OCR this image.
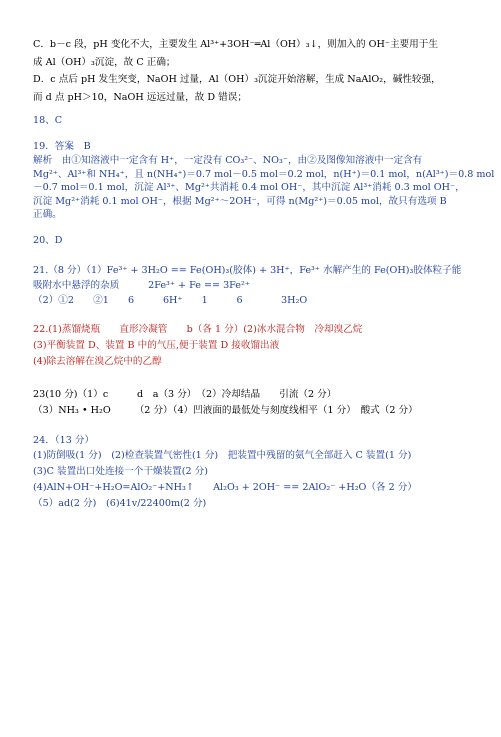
C．b－c 段，pH 变化不大，主要发生 Al³⁺+3OH⁻═Al（OH）₃↓，则加入的 OH⁻主要用于生
成 Al（OH）₃沉淀，故 C 正确；
D．c 点后 pH 发生突变，NaOH 过量，Al（OH）₃沉淀开始溶解，生成 NaAlO₂，碱性较强，
而 d 点 pH＞10，NaOH 远远过量，故 D 错误；
18、C
19．答案　B
解析　由①知溶液中一定含有 H⁺，一定没有 CO₃²⁻、NO₃⁻，由②及图像知溶液中一定含有
Mg²⁺、Al³⁺和 NH₄⁺，且 n(NH₄⁺)＝0.7 mol－0.5 mol＝0.2 mol，n(H⁺)＝0.1 mol，n(Al³⁺)＝0.8 mol
－0.7 mol＝0.1 mol，沉淀 Al³⁺、Mg²⁺共消耗 0.4 mol OH⁻，其中沉淀 Al³⁺消耗 0.3 mol OH⁻，
沉淀 Mg²⁺消耗 0.1 mol OH⁻，根据 Mg²⁺～2OH⁻，可得 n(Mg²⁺)＝0.05 mol，故只有选项 B
正确。
20、D
21.（8 分）（1）Fe³⁺ + 3H₂O == Fe(OH)₃(胶体) + 3H⁺，Fe³⁺ 水解产生的 Fe(OH)₃胶体粒子能
吸附水中悬浮的杂质　　　2Fe³⁺ + Fe == 3Fe²⁺
（2）①2　　②1　　6　　　6H⁺　　1　　　6　　　　3H₂O
22.(1)蒸馏烧瓶　　直形冷凝管　　b（各 1 分）(2)冰水混合物　冷却溴乙烷
(3)平衡装置 D、装置 B 中的气压,便于装置 D 接收馏出液
(4)除去溶解在溴乙烷中的乙醇
23(10 分)（1）c　　　d　a（3 分）　（2）冷却结晶　　引流（2 分）
（3）NH₃ • H₂O　　　（2 分）（4）凹液面的最低处与刻度线相平（1 分）　酸式（2 分）
24．（13 分）
(1)防倒吸(1 分)　(2)检查装置气密性(1 分)　把装置中残留的氨气全部赶入 C 装置(1 分)
(3)C 装置出口处连接一个干燥装置(2 分)
(4)AlN+OH⁻+H₂O=AlO₂⁻+NH₃↑　　Al₂O₃ + 2OH⁻ == 2AlO₂⁻ +H₂O（各 2 分）
（5）ad(2 分)　(6)41v/22400m(2 分)
